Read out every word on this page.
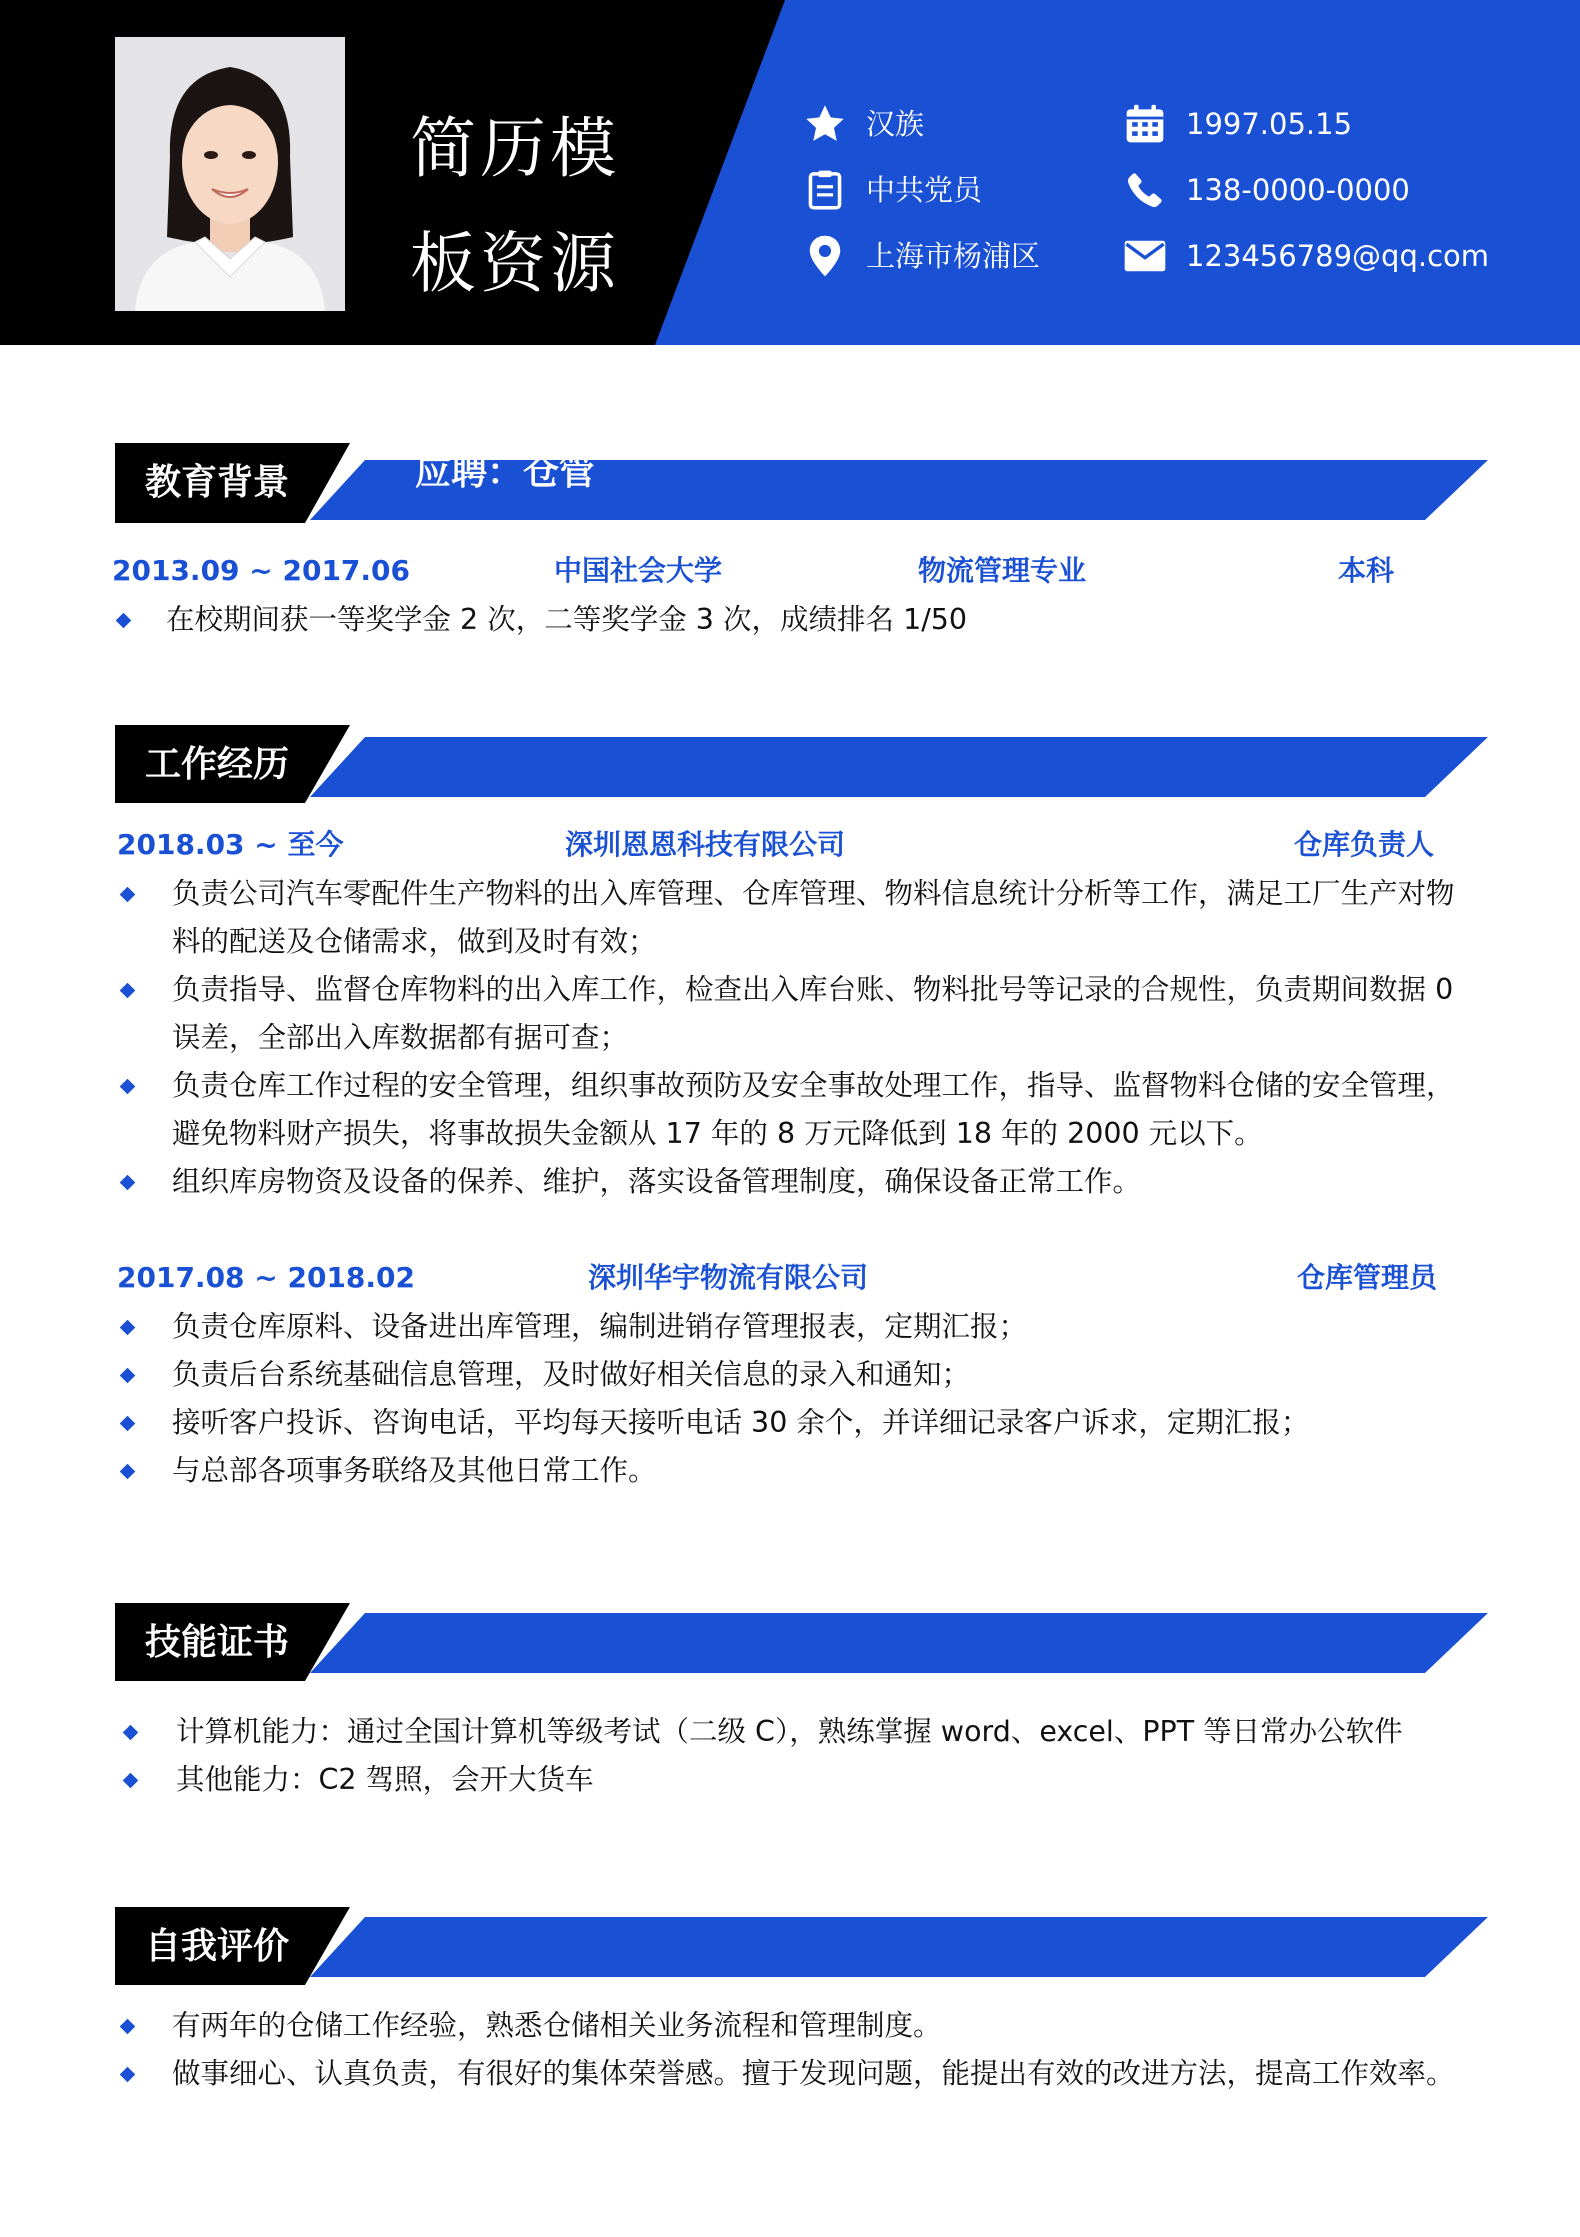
简历模
板资源
汉族
中共党员
上海市杨浦区
1997.05.15
138-0000-0000
123456789@qq.com
教育背景	应聘：仓管
工作经历
技能证书
自我评价
2013.09 ~ 2017.06	中国社会大学	物流管理专业	本科
在校期间获一等奖学金 2 次，二等奖学金 3 次，成绩排名 1/50
2018.03 ~ 至今	深圳恩恩科技有限公司	仓库负责人
负责公司汽车零配件生产物料的出入库管理、仓库管理、物料信息统计分析等工作，满足工厂生产对物
料的配送及仓储需求，做到及时有效；
负责指导、监督仓库物料的出入库工作，检查出入库台账、物料批号等记录的合规性，负责期间数据 0
误差，全部出入库数据都有据可查；
负责仓库工作过程的安全管理，组织事故预防及安全事故处理工作，指导、监督物料仓储的安全管理，
避免物料财产损失，将事故损失金额从 17 年的 8 万元降低到 18 年的 2000 元以下。
组织库房物资及设备的保养、维护，落实设备管理制度，确保设备正常工作。
2017.08 ~ 2018.02	深圳华宇物流有限公司	仓库管理员
负责仓库原料、设备进出库管理，编制进销存管理报表，定期汇报；
负责后台系统基础信息管理，及时做好相关信息的录入和通知；
接听客户投诉、咨询电话，平均每天接听电话 30 余个，并详细记录客户诉求，定期汇报；
与总部各项事务联络及其他日常工作。
计算机能力：通过全国计算机等级考试（二级 C），熟练掌握 word、excel、PPT 等日常办公软件
其他能力：C2 驾照，会开大货车
有两年的仓储工作经验，熟悉仓储相关业务流程和管理制度。
做事细心、认真负责，有很好的集体荣誉感。擅于发现问题，能提出有效的改进方法，提高工作效率。
